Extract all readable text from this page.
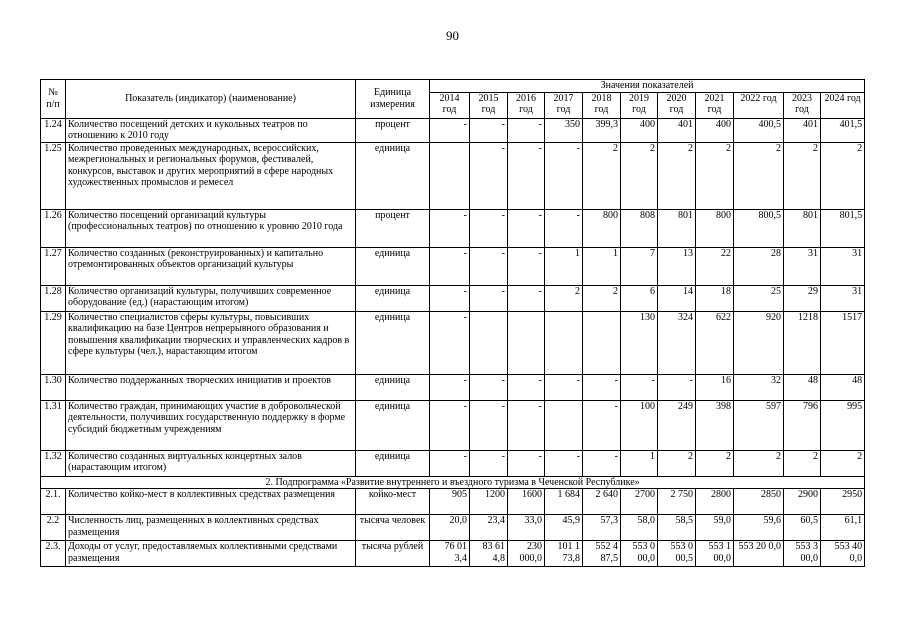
90
№ п/п	Показатель (индикатор) (наименование)	Единица измерения	Значения показателей										
			2014 год	2015 год	2016 год	2017 год	2018 год	2019 год	2020 год	2021 год	2022 год	2023 год	2024 год
1.24	Количество посещений детских и кукольных театров по отношению к 2010 году	процент	-	-	-	350	399,3	400	401	400	400,5	401	401,5
1.25	Количество проведенных международных, всероссийских, межрегиональных и региональных форумов, фестивалей, конкурсов, выставок и других мероприятий в сфере народных художественных промыслов и ремесел	единица		-	-	-	2	2	2	2	2	2	2
1.26	Количество посещений организаций культуры (профессиональных театров) по отношению к уровню 2010 года	процент	-	-	-	-	800	808	801	800	800,5	801	801,5
1.27	Количество созданных (реконструированных) и капитально отремонтированных объектов организаций культуры	единица	-	-	-	1	1	7	13	22	28	31	31
1.28	Количество организаций культуры, получивших современное оборудование (ед.) (нарастающим итогом)	единица	-	-	-	2	2	6	14	18	25	29	31
1.29	Количество специалистов сферы культуры, повысивших квалификацию на базе Центров непрерывного образования и повышения квалификации творческих и управленческих кадров в сфере культуры (чел.), нарастающим итогом	единица	-					130	324	622	920	1218	1517
1.30	Количество поддержанных творческих инициатив и проектов	единица	-	-	-	-	-	-	-	16	32	48	48
1.31	Количество граждан, принимающих участие в добровольческой деятельности, получивших государственную поддержку в форме субсидий бюджетным учреждениям	единица	-	-	-		-	100	249	398	597	796	995
1.32	Количество созданных виртуальных концертных залов (нарастающим итогом)	единица	-	-	-	-	-	1	2	2	2	2	2
2. Подпрограмма «Развитие внутреннего и въездного туризма в Чеченской Республике»													
2.1.	Количество койко-мест в коллективных средствах размещения	койко-мест	905	1200	1600	1 684	2 640	2700	2 750	2800	2850	2900	2950
2.2	Численность лиц, размещенных в коллективных средствах размещения	тысяча человек	20,0	23,4	33,0	45,9	57,3	58,0	58,5	59,0	59,6	60,5	61,1
2.3.	Доходы от услуг, предоставляемых коллективными средствами размещения	тысяча рублей	76 01 3,4	83 61 4,8	230 000,0	101 1 73,8	552 4 87,5	553 0 00,0	553 0 00,5	553 1 00,0	553 20 0,0	553 3 00,0	553 40 0,0
